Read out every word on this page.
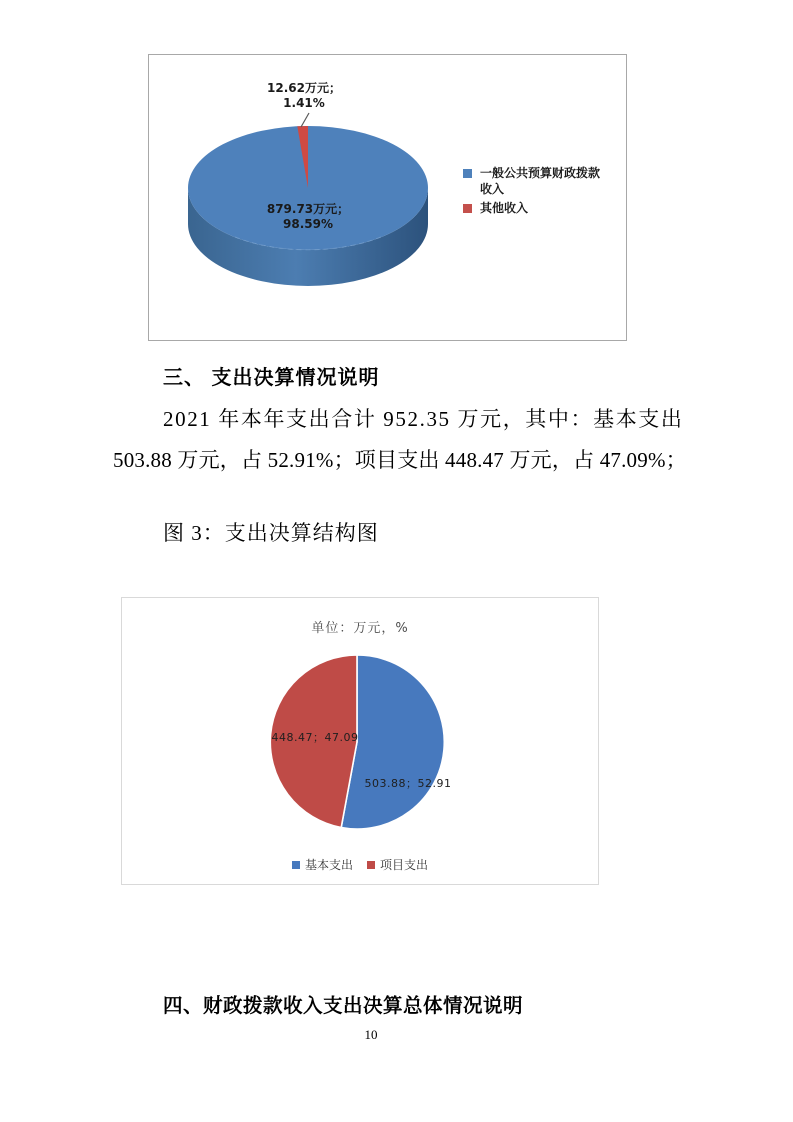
12.62万元；
1.41%
879.73万元；
98.59%
一般公共预算财政拨款
收入
其他收入
三、 支出决算情况说明
2021 年本年支出合计 952.35 万元，其中：基本支出
503.88 万元，占 52.91%；项目支出 448.47 万元，占 47.09%；
图 3：支出决算结构图
单位：万元，%
448.47；47.09
503.88；52.91
基本支出 项目支出
四、财政拨款收入支出决算总体情况说明
10
